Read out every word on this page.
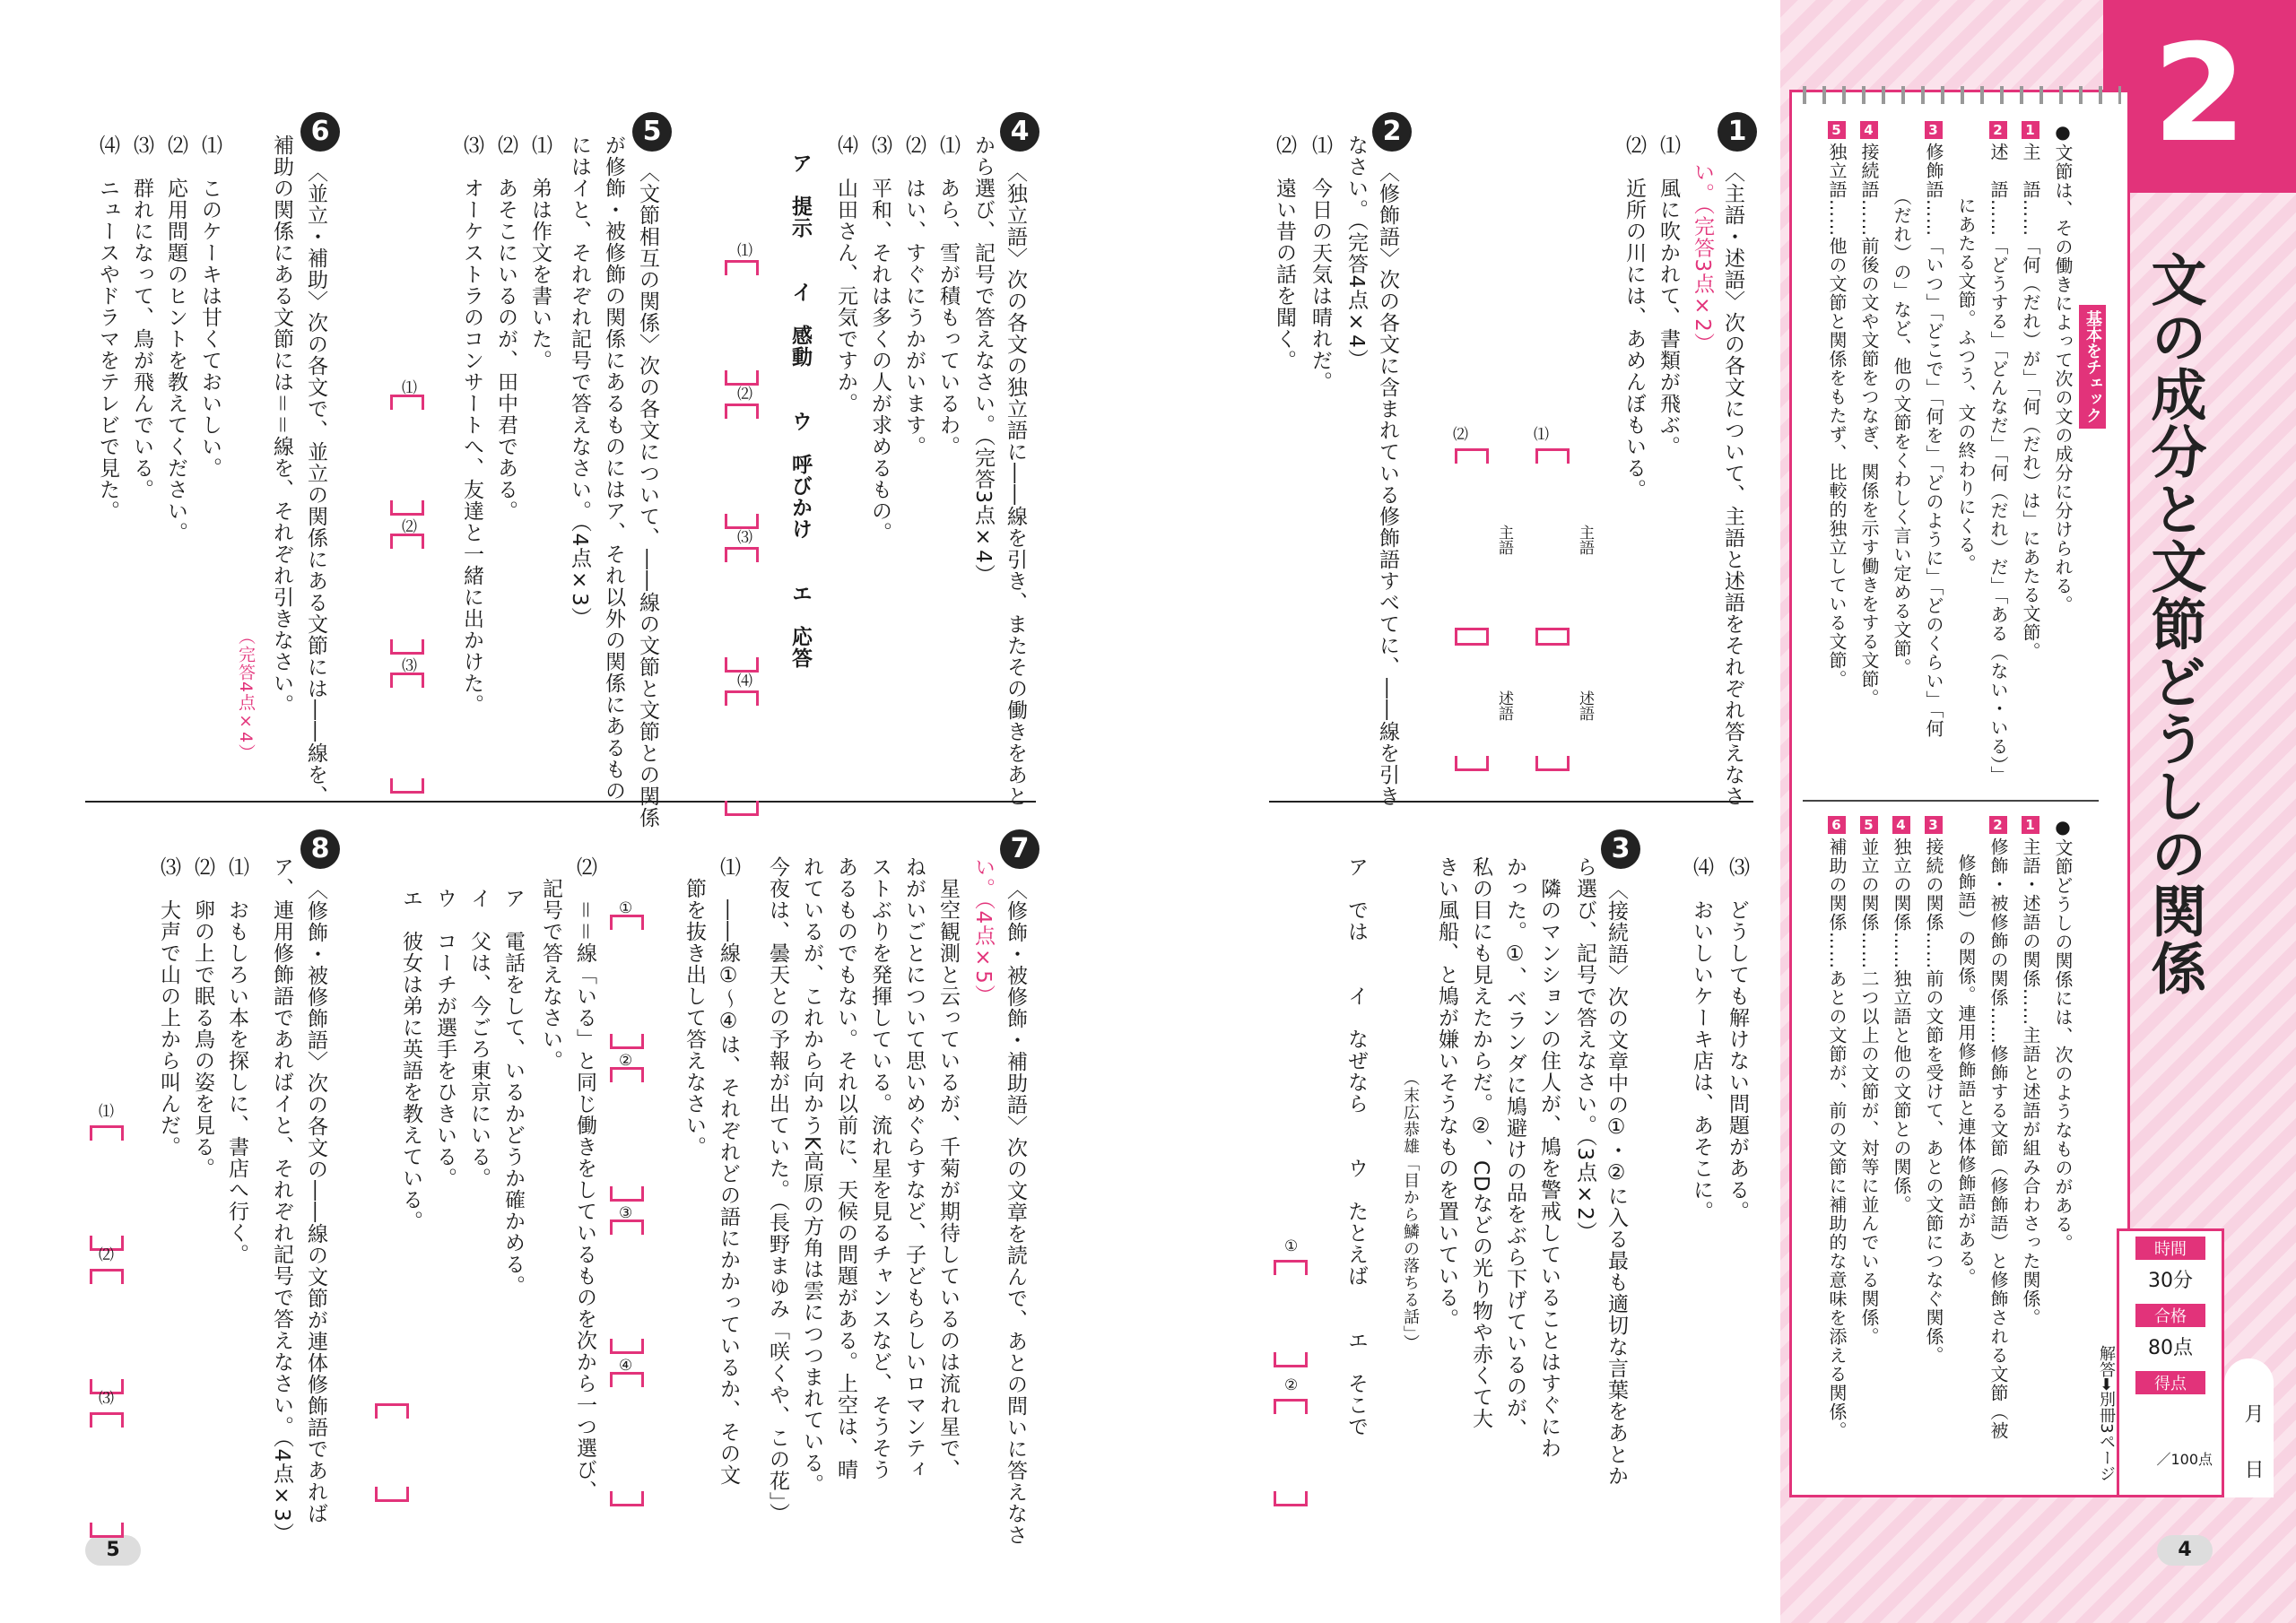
2
文の成分と文節どうしの関係
基本をチェック
●文節は、その働きによって次の文の成分に分けられる。
1主　語……「何（だれ）が」「何（だれ）は」にあたる文節。
2述　語……「どうする」「どんなだ」「何（だれ）だ」「ある（ない・いる）」
　　　　にあたる文節。ふつう、文の終わりにくる。
3修飾語……「いつ」「どこで」「何を」「どのように」「どのくらい」「何
　　　　（だれ）の」など、他の文節をくわしく言い定める文節。
4接続語……前後の文や文節をつなぎ、関係を示す働きをする文節。
5独立語……他の文節と関係をもたず、比較的独立している文節。
●文節どうしの関係には、次のようなものがある。
1主語・述語の関係……主語と述語が組み合わさった関係。
2修飾・被修飾の関係……修飾する文節（修飾語）と修飾される文節（被
　　修飾語）の関係。連用修飾語と連体修飾語がある。
3接続の関係……前の文節を受けて、あとの文節につなぐ関係。
4独立の関係……独立語と他の文節との関係。
5並立の関係……二つ以上の文節が、対等に並んでいる関係。
6補助の関係……あとの文節が、前の文節に補助的な意味を添える関係。	時間
30分
合格
80点
得点
／100点
解答➡別冊3ページ	月
日
4
5
1
〈主語・述語〉次の各文について、主語と述語をそれぞれ答えなさ
い。（完答3点×2）
⑴　風に吹かれて、書類が飛ぶ。
⑵　近所の川には、あめんぼもいる。
⑴
⑵
主語
述語
主語
述語
2
〈修飾語〉次の各文に含まれている修飾語すべてに、――線を引き
なさい。（完答4点×4）
⑴　今日の天気は晴れだ。
⑵　遠い昔の話を聞く。
⑶　どうしても解けない問題がある。
⑷　おいしいケーキ店は、あそこに。
3
〈接続語〉次の文章中の①・②に入る最も適切な言葉をあとか
ら選び、記号で答えなさい。（3点×2）
　隣のマンションの住人が、鳩を警戒していることはすぐにわ
かった。①、ベランダに鳩避けの品をぶら下げているのが、
私の目にも見えたからだ。②、CDなどの光り物や赤くて大
きい風船、と鳩が嫌いそうなものを置いている。
　　　　　　　　　　　　　（末広恭雄「目から鱗の落ちる話」）
ア　では　　イ　なぜなら　　ウ　たとえば　　エ　そこで
①
②
4
〈独立語〉次の各文の独立語に――線を引き、またその働きをあと
から選び、記号で答えなさい。（完答3点×4）
⑴　あら、雪が積もっているわ。
⑵　はい、すぐにうかがいます。
⑶　平和、それは多くの人が求めるもの。
⑷　山田さん、元気ですか。
ア　提示　　イ　感動　　ウ　呼びかけ　　エ　応答
⑴
⑵
⑶
⑷
5
〈文節相互の関係〉次の各文について、――線の文節と文節との関係
が修飾・被修飾の関係にあるものにはア、それ以外の関係にあるもの
にはイと、それぞれ記号で答えなさい。（4点×3）
⑴　弟は作文を書いた。
⑵　あそこにいるのが、田中君である。
⑶　オーケストラのコンサートへ、友達と一緒に出かけた。
⑴
⑵
⑶
6
〈並立・補助〉次の各文で、並立の関係にある文節には――線を、
補助の関係にある文節には＝＝線を、それぞれ引きなさい。
（完答4点×4）
⑴　このケーキは甘くておいしい。
⑵　応用問題のヒントを教えてください。
⑶　群れになって、鳥が飛んでいる。
⑷　ニュースやドラマをテレビで見た。
7
〈修飾・被修飾・補助語〉次の文章を読んで、あとの問いに答えなさ
い。（4点×5）
　星空観測と云っているが、千菊が期待しているのは流れ星で、
ねがいごとについて思いめぐらすなど、子どもらしいロマンティ
ストぶりを発揮している。流れ星を見るチャンスなど、そうそう
あるものでもない。それ以前に、天候の問題がある。上空は、晴
れているが、これから向かうK高原の方角は雲につつまれている。
今夜は、曇天との予報が出ていた。（長野まゆみ「咲くや、この花」）
⑴　――線①～④は、それぞれどの語にかかっているか、その文
　節を抜き出して答えなさい。
①
②
③
④
⑵　＝＝線「いる」と同じ働きをしているものを次から一つ選び、
　記号で答えなさい。
ア　電話をして、いるかどうか確かめる。
イ　父は、今ごろ東京にいる。
ウ　コーチが選手をひきいる。
エ　彼女は弟に英語を教えている。
8
〈修飾・被修飾語〉次の各文の――線の文節が連体修飾語であれば
ア、連用修飾語であればイと、それぞれ記号で答えなさい。（4点×3）
⑴　おもしろい本を探しに、書店へ行く。
⑵　卵の上で眠る鳥の姿を見る。
⑶　大声で山の上から叫んだ。
⑴
⑵
⑶
